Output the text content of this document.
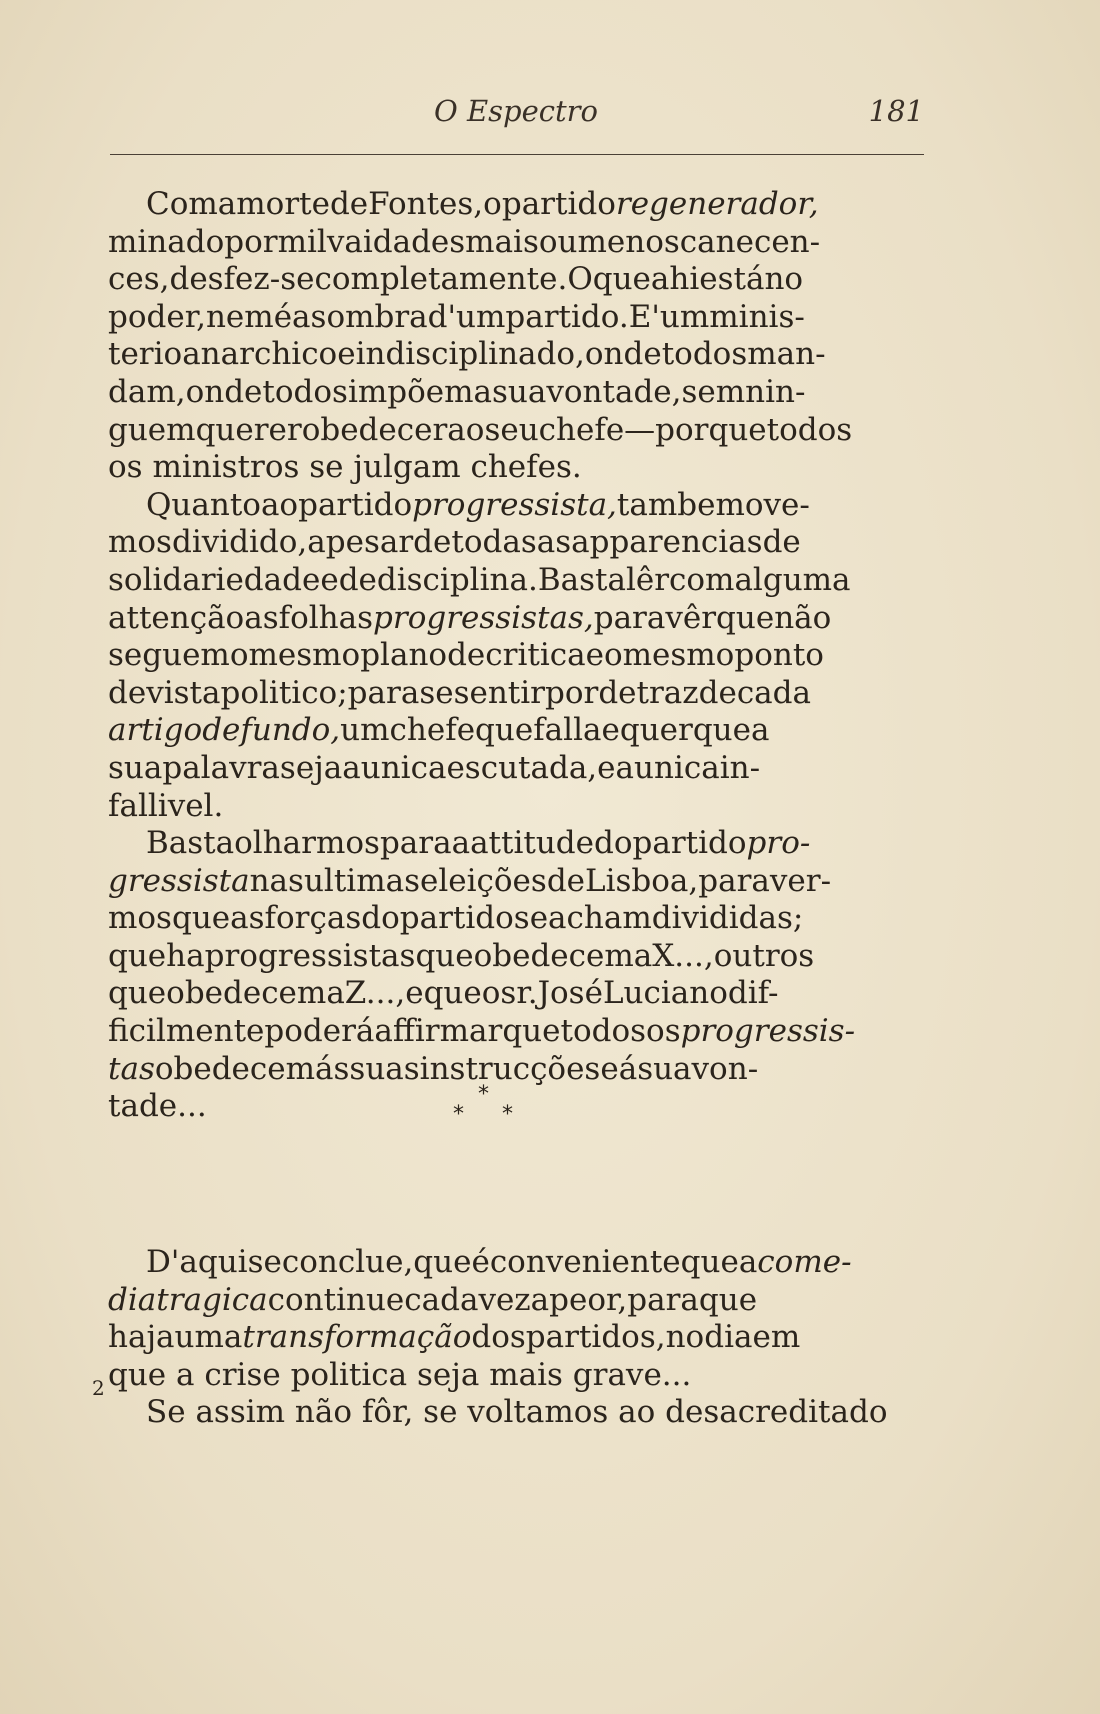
O Espectro	181
ComamortedeFontes,opartidoregenerador,
minadopormilvaidadesmaisoumenoscanecen-
ces,desfez-secompletamente.Oqueahiestáno
poder,neméasombrad'umpartido.E'umminis-
terioanarchicoeindisciplinado,ondetodosman-
dam,ondetodosimpõemasuavontade,semnin-
guemquererobedeceraoseuchefe—porquetodos
os ministros se julgam chefes.
Quantoaopartidoprogressista,tambemove-
mosdividido,apesardetodasasapparenciasde
solidariedadeededisciplina.Bastalêrcomalguma
attençãoasfolhasprogressistas,paravêrquenão
seguemomesmoplanodecriticaeomesmoponto
devistapolitico;parasesentirpordetrazdecada
artigodefundo,umchefequefallaequerquea
suapalavrasejaaunicaescutada,eaunicain-
fallivel.
Bastaolharmosparaaattitudedopartidopro-
gressistanasultimaseleiçõesdeLisboa,paraver-
mosqueasforçasdopartidoseachamdivididas;
quehaprogressistasqueobedecemaX...,outros
queobedecemaZ...,equeosr.JoséLucianodif-
ficilmentepoderáaffirmarquetodososprogressis-
tasobedecemássuasinstrucçõeseásuavon-
tade...	*
* *
D'aquiseconclue,queéconvenientequeacome-
diatragicacontinuecadavezapeor,paraque
hajaumatransformaçãodospartidos,nodiaem
que a crise politica seja mais grave...
Se assim não fôr, se voltamos ao desacreditado
2
